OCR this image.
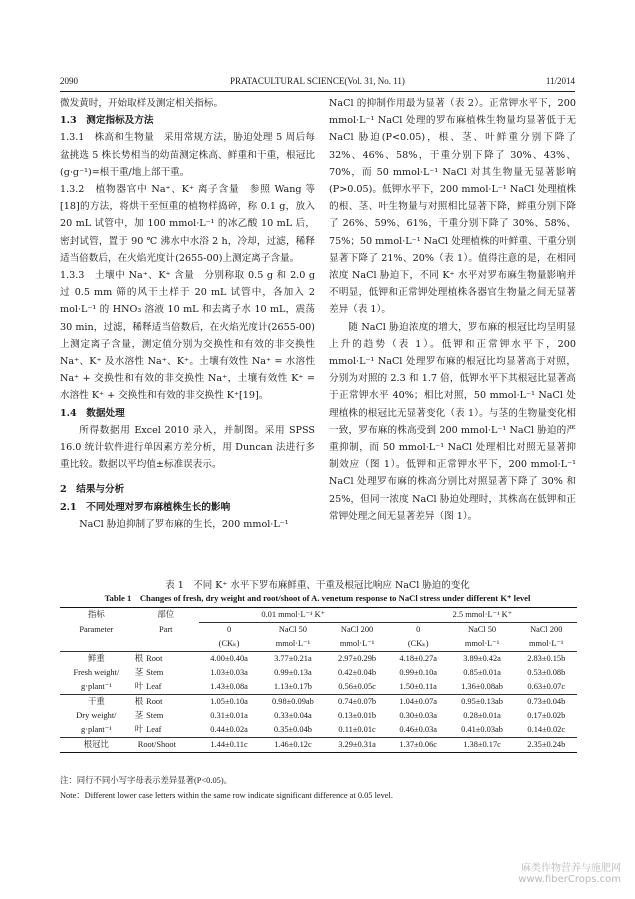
2090	PRATACULTURAL SCIENCE(Vol. 31, No. 11)	11/2014

微发黄时，开始取样及测定相关指标。

1.3　测定指标及方法

1.3.1　株高和生物量　采用常规方法，胁迫处理 5 周后每盆挑选 5 株长势相当的幼苗测定株高、鲜重和干重，根冠比(g·g⁻¹)=根干重/地上部干重。

1.3.2　植物器官中 Na⁺、K⁺ 离子含量　参照 Wang 等[18]的方法，将烘干至恒重的植物样捣碎，称 0.1 g，放入 20 mL 试管中，加 100 mmol·L⁻¹ 的冰乙酸 10 mL 后，密封试管，置于 90 ℃ 沸水中水浴 2 h，冷却，过滤，稀释适当倍数后，在火焰光度计(2655-00)上测定离子含量。

1.3.3　土壤中 Na⁺、K⁺ 含量　分别称取 0.5 g 和 2.0 g 过 0.5 mm 筛的风干土样于 20 mL 试管中，各加入 2 mol·L⁻¹ 的 HNO₃ 溶液 10 mL 和去离子水 10 mL，震荡 30 min，过滤，稀释适当倍数后，在火焰光度计(2655-00)上测定离子含量，测定值分别为交换性和有效的非交换性 Na⁺、K⁺ 及水溶性 Na⁺、K⁺。土壤有效性 Na⁺ = 水溶性 Na⁺ + 交换性和有效的非交换性 Na⁺，土壤有效性 K⁺ = 水溶性 K⁺ + 交换性和有效的非交换性 K⁺[19]。

1.4　数据处理

所得数据用 Excel 2010 录入，并制图。采用 SPSS 16.0 统计软件进行单因素方差分析，用 Duncan 法进行多重比较。数据以平均值±标准误表示。

2　结果与分析

2.1　不同处理对罗布麻植株生长的影响

NaCl 胁迫抑制了罗布麻的生长，200 mmol·L⁻¹

NaCl 的抑制作用最为显著（表 2）。正常钾水平下，200 mmol·L⁻¹ NaCl 处理的罗布麻植株生物量均显著低于无 NaCl 胁迫(P<0.05)，根、茎、叶鲜重分别下降了 32%、46%、58%，干重分别下降了 30%、43%、70%，而 50 mmol·L⁻¹ NaCl 对其生物量无显著影响(P>0.05)。低钾水平下，200 mmol·L⁻¹ NaCl 处理植株的根、茎、叶生物量与对照相比显著下降，鲜重分别下降了 26%、59%、61%，干重分别下降了 30%、58%、75%；50 mmol·L⁻¹ NaCl 处理植株的叶鲜重、干重分别显著下降了 21%、20%（表 1）。值得注意的是，在相同浓度 NaCl 胁迫下，不同 K⁺ 水平对罗布麻生物量影响并不明显，低钾和正常钾处理植株各器官生物量之间无显著差异（表 1）。

随 NaCl 胁迫浓度的增大，罗布麻的根冠比均呈明显上升的趋势（表 1）。低钾和正常钾水平下，200 mmol·L⁻¹ NaCl 处理罗布麻的根冠比均显著高于对照，分别为对照的 2.3 和 1.7 倍，低钾水平下其根冠比显著高于正常钾水平 40%；相比对照，50 mmol·L⁻¹ NaCl 处理植株的根冠比无显著变化（表 1）。与茎的生物量变化相一致，罗布麻的株高受到 200 mmol·L⁻¹ NaCl 胁迫的严重抑制，而 50 mmol·L⁻¹ NaCl 处理相比对照无显著抑制效应（图 1）。低钾和正常钾水平下，200 mmol·L⁻¹ NaCl 处理罗布麻的株高分别比对照显著下降了 30% 和 25%，但同一浓度 NaCl 胁迫处理时，其株高在低钾和正常钾处理之间无显著差异（图 1）。

表 1　不同 K⁺ 水平下罗布麻鲜重、干重及根冠比响应 NaCl 胁迫的变化
Table 1　Changes of fresh, dry weight and root/shoot of A. venetum response to NaCl stress under different K⁺ level
指标	部位	0.01 mmol·L⁻¹ K⁺			2.5 mmol·L⁻¹ K⁺		
Parameter	Part	0	NaCl 50	NaCl 200	0	NaCl 50	NaCl 200
		(CKₖ)	mmol·L⁻¹	mmol·L⁻¹	(CKₖ)	mmol·L⁻¹	mmol·L⁻¹
鲜重	根 Root	4.00±0.40a	3.77±0.21a	2.97±0.29b	4.18±0.27a	3.89±0.42a	2.83±0.15b
Fresh weight/	茎 Stem	1.03±0.03a	0.99±0.13a	0.42±0.04b	0.99±0.10a	0.85±0.01a	0.53±0.08b
g·plant⁻¹	叶 Leaf	1.43±0.08a	1.13±0.17b	0.56±0.05c	1.50±0.11a	1.36±0.08ab	0.63±0.07c
干重	根 Root	1.05±0.10a	0.98±0.09ab	0.74±0.07b	1.04±0.07a	0.95±0.13ab	0.73±0.04b
Dry weight/	茎 Stem	0.31±0.01a	0.33±0.04a	0.13±0.01b	0.30±0.03a	0.28±0.01a	0.17±0.02b
g·plant⁻¹	叶 Leaf	0.44±0.02a	0.35±0.04b	0.11±0.01c	0.46±0.03a	0.41±0.03ab	0.14±0.02c
根冠比	Root/Shoot	1.44±0.11c	1.46±0.12c	3.29±0.31a	1.37±0.06c	1.38±0.17c	2.35±0.24b
注：同行不同小写字母表示差异显著(P<0.05)。
Note：Different lower case letters within the same row indicate significant difference at 0.05 level.
麻类作物营养与施肥网
www.fiberCrops.com
